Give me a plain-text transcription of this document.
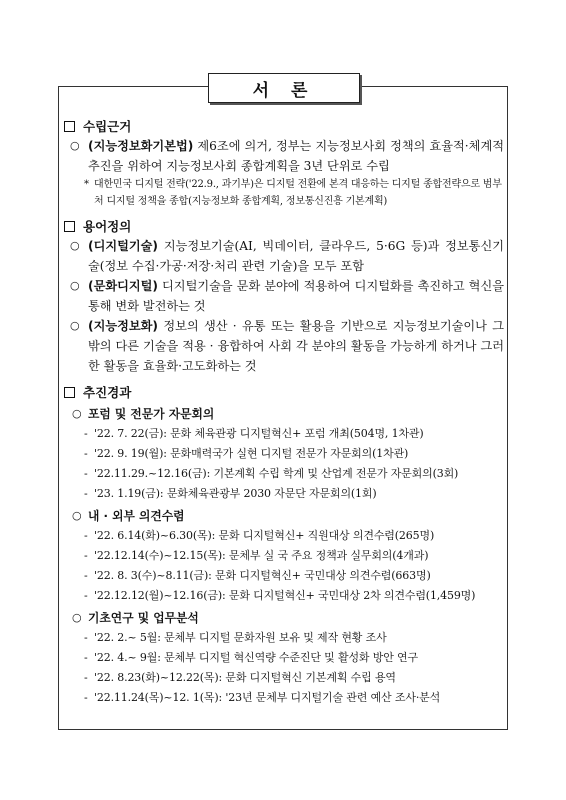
서 론
수립근거
○ (지능정보화기본법) 제6조에 의거, 정부는 지능정보사회 정책의 효율적·체계적 추진을 위하여 지능정보사회 종합계획을 3년 단위로 수립
* 대한민국 디지털 전략('22.9., 과기부)은 디지털 전환에 본격 대응하는 디지털 종합전략으로 범부처 디지털 정책을 종합(지능정보화 종합계획, 정보통신진흥 기본계획)
용어정의
○ (디지털기술) 지능정보기술(AI, 빅데이터, 클라우드, 5·6G 등)과 정보통신기술(정보 수집·가공·저장·처리 관련 기술)을 모두 포함
○ (문화디지털) 디지털기술을 문화 분야에 적용하여 디지털화를 촉진하고 혁신을 통해 변화 발전하는 것
○ (지능정보화) 정보의 생산 · 유통 또는 활용을 기반으로 지능정보기술이나 그 밖의 다른 기술을 적용 · 융합하여 사회 각 분야의 활동을 가능하게 하거나 그러한 활동을 효율화·고도화하는 것
추진경과
○ 포럼 및 전문가 자문회의
- '22. 7. 22(금): 문화 체육관광 디지털혁신+ 포럼 개최(504명, 1차관)
- '22. 9. 19(월): 문화매력국가 실현 디지털 전문가 자문회의(1차관)
- '22.11.29.~12.16(금): 기본계획 수립 학계 및 산업계 전문가 자문회의(3회)
- '23. 1.19(금): 문화체육관광부 2030 자문단 자문회의(1회)
○ 내 · 외부 의견수렴
- '22. 6.14(화)~6.30(목): 문화 디지털혁신+ 직원대상 의견수렴(265명)
- '22.12.14(수)~12.15(목): 문체부 실 국 주요 정책과 실무회의(4개과)
- '22. 8. 3(수)~8.11(금): 문화 디지털혁신+ 국민대상 의견수렴(663명)
- '22.12.12(월)~12.16(금): 문화 디지털혁신+ 국민대상 2차 의견수렴(1,459명)
○ 기초연구 및 업무분석
- '22. 2.~ 5월: 문체부 디지털 문화자원 보유 및 제작 현황 조사
- '22. 4.~ 9월: 문체부 디지털 혁신역량 수준진단 및 활성화 방안 연구
- '22. 8.23(화)~12.22(목): 문화 디지털혁신 기본계획 수립 용역
- '22.11.24(목)~12. 1(목): '23년 문체부 디지털기술 관련 예산 조사·분석
